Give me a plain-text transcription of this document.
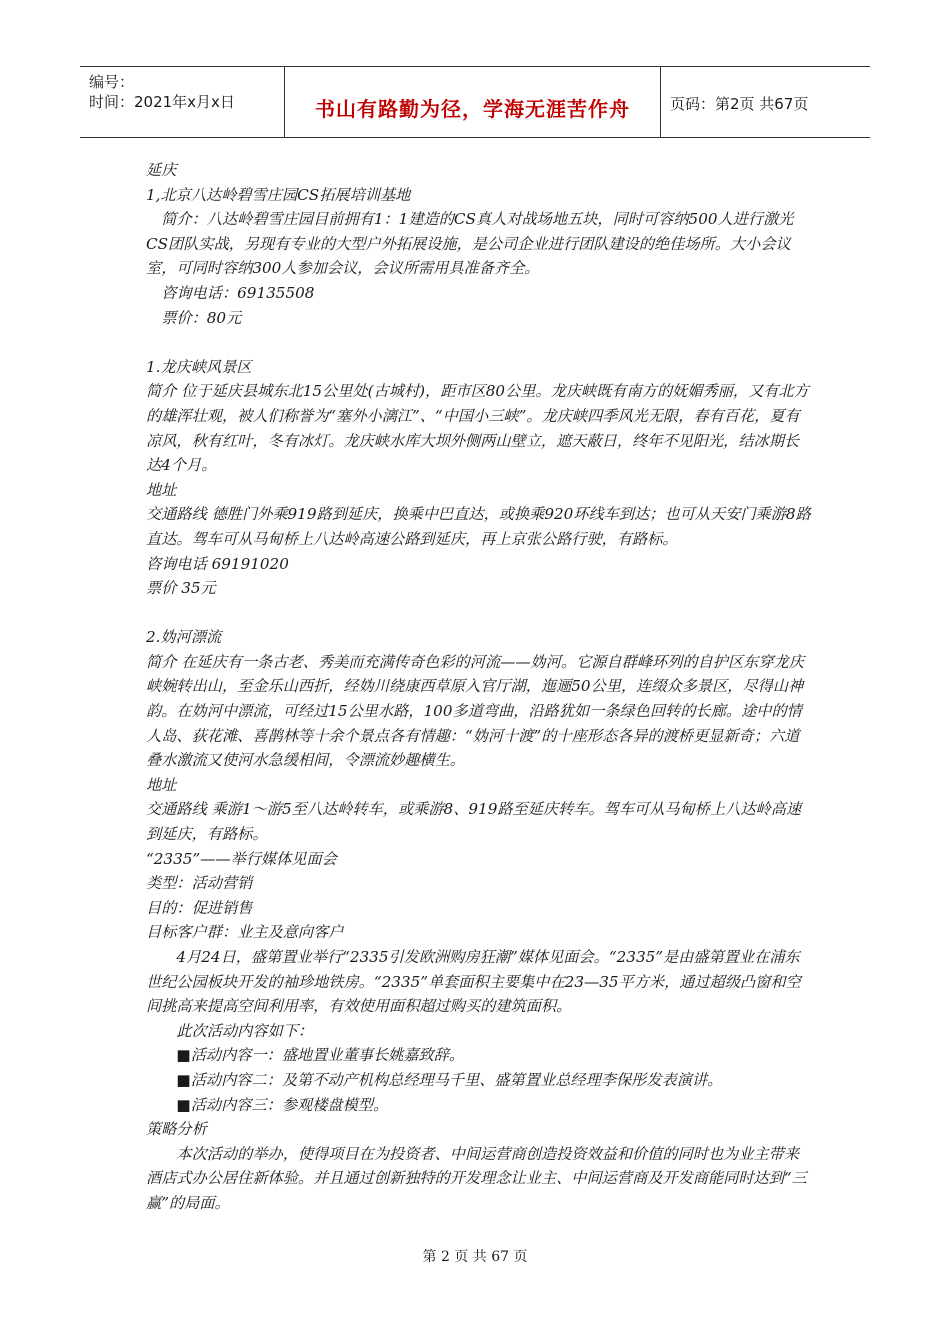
编号：
时间：2021年x月x日	书山有路勤为径，学海无涯苦作舟	页码：第2页 共67页

延庆

1,北京八达岭碧雪庄园CS拓展培训基地

简介：八达岭碧雪庄园目前拥有1：1建造的CS真人对战场地五块，同时可容纳500人进行激光CS团队实战，另现有专业的大型户外拓展设施，是公司企业进行团队建设的绝佳场所。大小会议室，可同时容纳300人参加会议，会议所需用具准备齐全。

咨询电话：69135508

票价：80元

1.龙庆峡风景区

简介 位于延庆县城东北15公里处(古城村)，距市区80公里。龙庆峡既有南方的妩媚秀丽，又有北方的雄浑壮观，被人们称誉为“塞外小漓江”、“中国小三峡”。龙庆峡四季风光无限，春有百花，夏有凉风，秋有红叶，冬有冰灯。龙庆峡水库大坝外侧两山壁立，遮天蔽日，终年不见阳光，结冰期长达4个月。

地址

交通路线 德胜门外乘919路到延庆，换乘中巴直达，或换乘920环线车到达；也可从天安门乘游8路直达。驾车可从马甸桥上八达岭高速公路到延庆，再上京张公路行驶，有路标。

咨询电话 69191020

票价 35元

2.妫河漂流

简介 在延庆有一条古老、秀美而充满传奇色彩的河流——妫河。它源自群峰环列的自护区东穿龙庆峡婉转出山，至金乐山西折，经妫川绕康西草原入官厅湖，迤逦50公里，连缀众多景区，尽得山神韵。在妫河中漂流，可经过15公里水路，100多道弯曲，沿路犹如一条绿色回转的长廊。途中的情人岛、荻花滩、喜鹊林等十余个景点各有情趣：“妫河十渡”的十座形态各异的渡桥更显新奇；六道叠水激流又使河水急缓相间，令漂流妙趣横生。

地址

交通路线 乘游1～游5至八达岭转车，或乘游8、919路至延庆转车。驾车可从马甸桥上八达岭高速到延庆，有路标。

“2335”——举行媒体见面会

类型：活动营销

目的：促进销售

目标客户群：业主及意向客户

4月24日，盛第置业举行“2335引发欧洲购房狂潮”媒体见面会。“2335”是由盛第置业在浦东世纪公园板块开发的袖珍地铁房。“2335”单套面积主要集中在23—35平方米，通过超级凸窗和空间挑高来提高空间利用率，有效使用面积超过购买的建筑面积。

此次活动内容如下：

■活动内容一：盛地置业董事长姚嘉致辞。

■活动内容二：及第不动产机构总经理马千里、盛第置业总经理李保彤发表演讲。

■活动内容三：参观楼盘模型。

策略分析

本次活动的举办，使得项目在为投资者、中间运营商创造投资效益和价值的同时也为业主带来酒店式办公居住新体验。并且通过创新独特的开发理念让业主、中间运营商及开发商能同时达到“三赢”的局面。

第 2 页 共 67 页
